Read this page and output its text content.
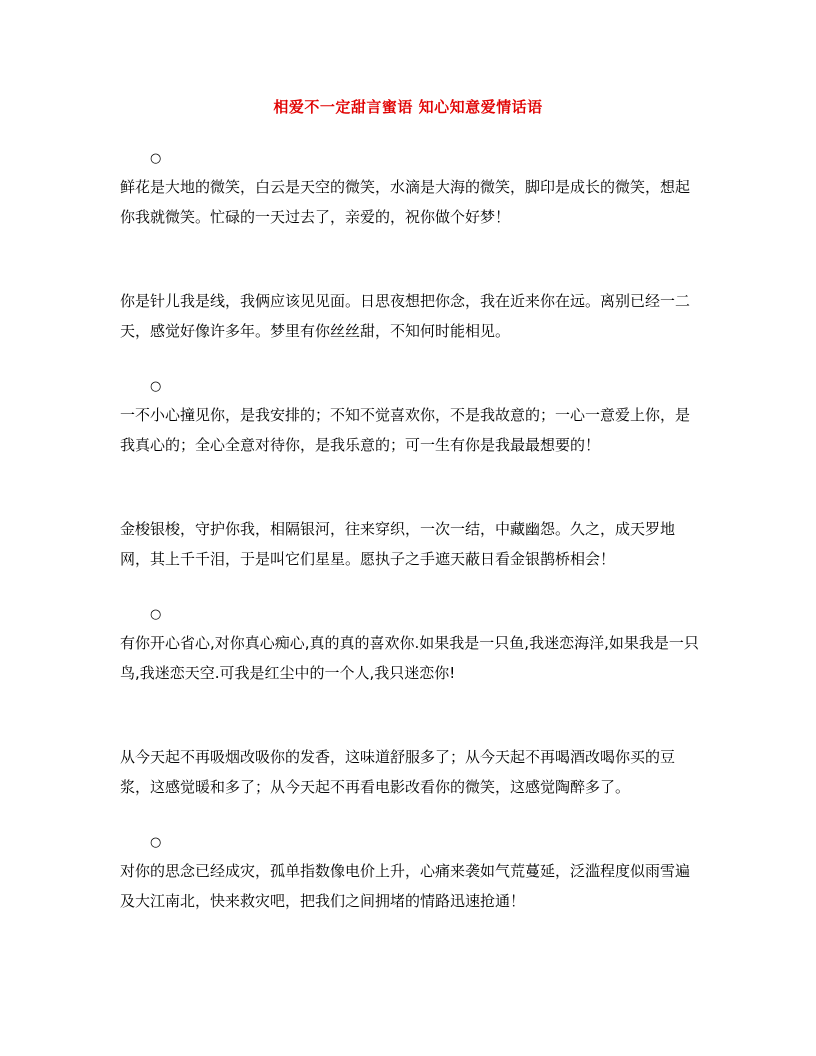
相爱不一定甜言蜜语 知心知意爱情话语
○

鲜花是大地的微笑，白云是天空的微笑，水滴是大海的微笑，脚印是成长的微笑，想起你我就微笑。忙碌的一天过去了，亲爱的，祝你做个好梦！

你是针儿我是线，我俩应该见见面。日思夜想把你念，我在近来你在远。离别已经一二天，感觉好像许多年。梦里有你丝丝甜，不知何时能相见。

○

一不小心撞见你，是我安排的；不知不觉喜欢你，不是我故意的；一心一意爱上你，是我真心的；全心全意对待你，是我乐意的；可一生有你是我最最想要的！

金梭银梭，守护你我，相隔银河，往来穿织，一次一结，中藏幽怨。久之，成天罗地网，其上千千泪，于是叫它们星星。愿执子之手遮天蔽日看金银鹊桥相会！

○

有你开心省心,对你真心痴心,真的真的喜欢你.如果我是一只鱼,我迷恋海洋,如果我是一只鸟,我迷恋天空.可我是红尘中的一个人,我只迷恋你!

从今天起不再吸烟改吸你的发香，这味道舒服多了；从今天起不再喝酒改喝你买的豆浆，这感觉暖和多了；从今天起不再看电影改看你的微笑，这感觉陶醉多了。

○

对你的思念已经成灾，孤单指数像电价上升，心痛来袭如气荒蔓延，泛滥程度似雨雪遍及大江南北，快来救灾吧，把我们之间拥堵的情路迅速抢通！
